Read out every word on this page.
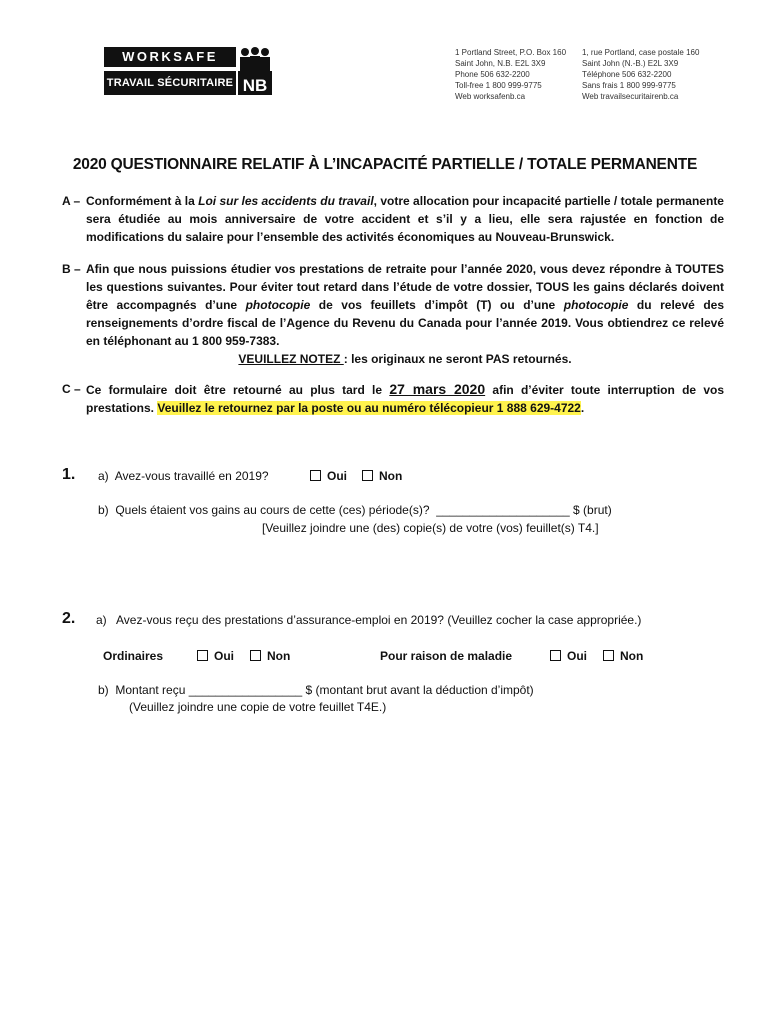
WORKSAFE
TRAVAIL SÉCURITAIRE NB
1 Portland Street, P.O. Box 160
Saint John, N.B. E2L 3X9
Phone 506 632-2200
Toll-free 1 800 999-9775
Web worksafenb.ca
1, rue Portland, case postale 160
Saint John (N.-B.) E2L 3X9
Téléphone 506 632-2200
Sans frais 1 800 999-9775
Web travailsecuritairenb.ca
2020 QUESTIONNAIRE RELATIF À L’INCAPACITÉ PARTIELLE / TOTALE PERMANENTE
A – Conformément à la Loi sur les accidents du travail, votre allocation pour incapacité partielle / totale permanente sera étudiée au mois anniversaire de votre accident et s’il y a lieu, elle sera rajustée en fonction de modifications du salaire pour l’ensemble des activités économiques au Nouveau-Brunswick.
B – Afin que nous puissions étudier vos prestations de retraite pour l’année 2020, vous devez répondre à TOUTES les questions suivantes. Pour éviter tout retard dans l’étude de votre dossier, TOUS les gains déclarés doivent être accompagnés d’une photocopie de vos feuillets d’impôt (T) ou d’une photocopie du relevé des renseignements d’ordre fiscal de l’Agence du Revenu du Canada pour l’année 2019. Vous obtiendrez ce relevé en téléphonant au 1 800 959-7383.
VEUILLEZ NOTEZ : les originaux ne seront PAS retournés.
C – Ce formulaire doit être retourné au plus tard le 27 mars 2020 afin d’éviter toute interruption de vos prestations. Veuillez le retournez par la poste ou au numéro télécopieur 1 888 629-4722.
1. a) Avez-vous travaillé en 2019?	Oui	Non
b) Quels étaient vos gains au cours de cette (ces) période(s)? ____________________ $ (brut)
[Veuillez joindre une (des) copie(s) de votre (vos) feuillet(s) T4.]
2. a) Avez-vous reçu des prestations d’assurance-emploi en 2019? (Veuillez cocher la case appropriée.)
Ordinaires	Oui	Non	Pour raison de maladie	Oui	Non
b) Montant reçu _________________ $ (montant brut avant la déduction d’impôt)
(Veuillez joindre une copie de votre feuillet T4E.)
